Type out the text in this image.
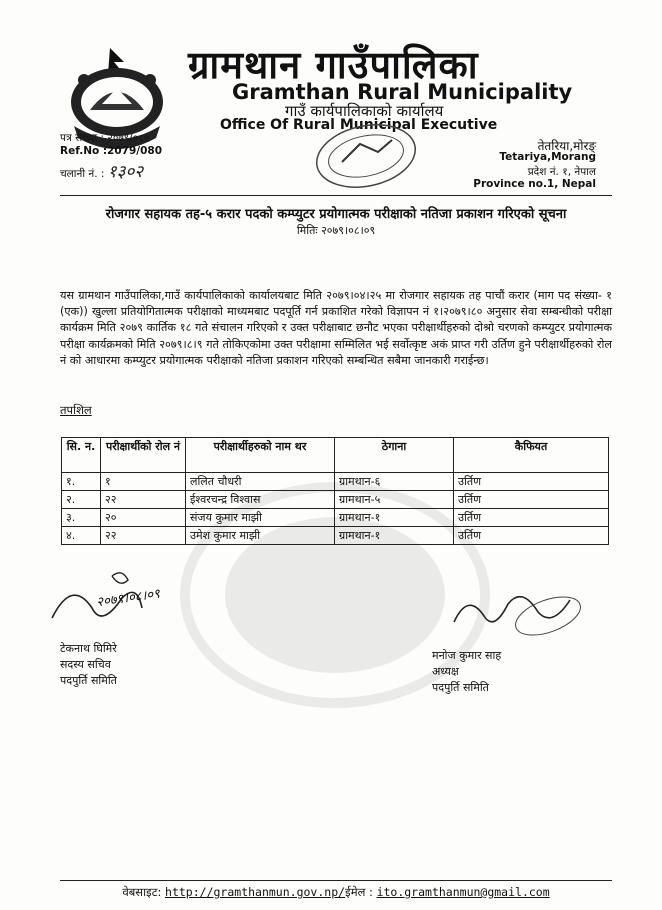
ग्रामथान गाउँपालिका
Gramthan Rural Municipality
गाउँ कार्यपालिकाको कार्यालय
Office Of Rural Municipal Executive
पत्र संख्या : २०७९/०८०
Ref.No :2079/080
चलानी नं. : १३०२
तेतरिया,मोरङ्
Tetariya,Morang
प्रदेश नं. १, नेपाल
Province no.1, Nepal
रोजगार सहायक तह-५ करार पदको कम्प्युटर प्रयोगात्मक परीक्षाको नतिजा प्रकाशन गरिएको सूचना
मितिः २०७९।०८।०९
यस ग्रामथान गाउँपालिका,गाउँ कार्यपालिकाको कार्यालयबाट मिति २०७९।०४।२५ मा रोजगार सहायक तह पाचौं करार (माग पद संख्या- १ (एक)) खुल्ला प्रतियोगितात्मक परीक्षाको माध्यमबाट पदपूर्ति गर्न प्रकाशित गरेको विज्ञापन नं १।२०७९।८० अनुसार सेवा सम्बन्धीको परीक्षा कार्यक्रम मिति २०७९ कार्तिक १८ गते संचालन गरिएको र उक्त परीक्षाबाट छनौट भएका परीक्षार्थीहरुको दोश्रो चरणको कम्प्युटर प्रयोगात्मक परीक्षा कार्यक्रमको मिति २०७९।८।९ गते तोकिएकोमा उक्त परीक्षामा सम्मिलित भई सर्वोत्कृष्ट अकं प्राप्त गरी उर्तिण हुने परीक्षार्थीहरुको रोल नं को आधारमा कम्प्युटर प्रयोगात्मक परीक्षाको नतिजा प्रकाशन गरिएको सम्बन्धित सबैमा जानकारी गराईन्छ।
तपशिल
सि. न.	परीक्षार्थीको रोल नं	परीक्षार्थीहरुको नाम थर	ठेगाना	कैफियत
१.	१	ललित चौधरी	ग्रामथान-६	उर्तिण
२.	२२	ईश्वरचन्द्र विश्वास	ग्रामथान-५	उर्तिण
३.	२०	संजय कुमार माझी	ग्रामथान-१	उर्तिण
४.	२२	उमेश कुमार माझी	ग्रामथान-१	उर्तिण
२०७९।०८।०९
टेकनाथ घिमिरे
सदस्य सचिव
पदपुर्ति समिति
मनोज कुमार साह
अध्यक्ष
पदपुर्ति समिति
वेबसाइट: http://gramthanmun.gov.np/ईमेल : ito.gramthanmun@gmail.com
